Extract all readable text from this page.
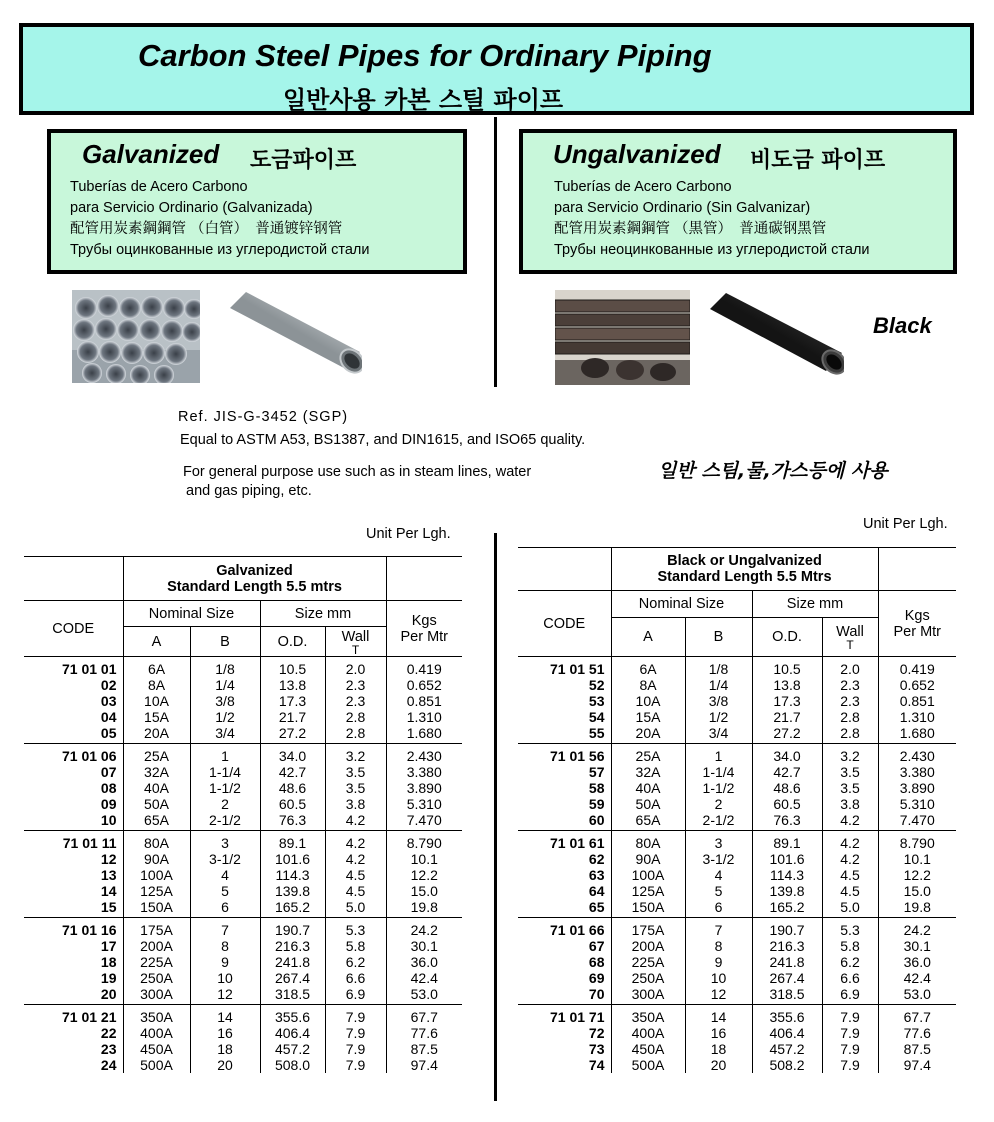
Carbon Steel Pipes for Ordinary Piping
일반사용 카본 스틸 파이프
Galvanized 도금파이프
Tuberías de Acero Carbono
para Servicio Ordinario (Galvanizada)
配管用炭素鋼鋼管 （白管）　普通镀锌钢管
Трубы оцинкованные из углеродистой стали
Ungalvanized 비도금 파이프
Tuberías de Acero Carbono
para Servicio Ordinario (Sin Galvanizar)
配管用炭素鋼鋼管 （黒管）　普通碳钢黑管
Трубы неоцинкованные из углеродистой стали
Black
Ref. JIS-G-3452 (SGP)
Equal to ASTM A53, BS1387, and DIN1615, and ISO65 quality.
For general purpose use such as in steam lines, water
and gas piping, etc.
일반 스팀,물,가스등에 사용
Unit Per Lgh.
Unit Per Lgh.

	Galvanized
Standard Length 5.5 mtrs				

CODE	Nominal Size		Size mm		Kgs
Per Mtr

	A	B	O.D.	Wall
T	

71 01 01	6A	1/8	10.5	2.0	0.419
02	8A	1/4	13.8	2.3	0.652
03	10A	3/8	17.3	2.3	0.851
04	15A	1/2	21.7	2.8	1.310
05	20A	3/4	27.2	2.8	1.680
71 01 06	25A	1	34.0	3.2	2.430
07	32A	1-1/4	42.7	3.5	3.380
08	40A	1-1/2	48.6	3.5	3.890
09	50A	2	60.5	3.8	5.310
10	65A	2-1/2	76.3	4.2	7.470
71 01 11	80A	3	89.1	4.2	8.790
12	90A	3-1/2	101.6	4.2	10.1
13	100A	4	114.3	4.5	12.2
14	125A	5	139.8	4.5	15.0
15	150A	6	165.2	5.0	19.8
71 01 16	175A	7	190.7	5.3	24.2
17	200A	8	216.3	5.8	30.1
18	225A	9	241.8	6.2	36.0
19	250A	10	267.4	6.6	42.4
20	300A	12	318.5	6.9	53.0
71 01 21	350A	14	355.6	7.9	67.7
22	400A	16	406.4	7.9	77.6
23	450A	18	457.2	7.9	87.5
24	500A	20	508.0	7.9	97.4

	Black or Ungalvanized
Standard Length 5.5 Mtrs				

CODE	Nominal Size		Size mm		Kgs
Per Mtr

	A	B	O.D.	Wall
T	

71 01 51	6A	1/8	10.5	2.0	0.419
52	8A	1/4	13.8	2.3	0.652
53	10A	3/8	17.3	2.3	0.851
54	15A	1/2	21.7	2.8	1.310
55	20A	3/4	27.2	2.8	1.680
71 01 56	25A	1	34.0	3.2	2.430
57	32A	1-1/4	42.7	3.5	3.380
58	40A	1-1/2	48.6	3.5	3.890
59	50A	2	60.5	3.8	5.310
60	65A	2-1/2	76.3	4.2	7.470
71 01 61	80A	3	89.1	4.2	8.790
62	90A	3-1/2	101.6	4.2	10.1
63	100A	4	114.3	4.5	12.2
64	125A	5	139.8	4.5	15.0
65	150A	6	165.2	5.0	19.8
71 01 66	175A	7	190.7	5.3	24.2
67	200A	8	216.3	5.8	30.1
68	225A	9	241.8	6.2	36.0
69	250A	10	267.4	6.6	42.4
70	300A	12	318.5	6.9	53.0
71 01 71	350A	14	355.6	7.9	67.7
72	400A	16	406.4	7.9	77.6
73	450A	18	457.2	7.9	87.5
74	500A	20	508.2	7.9	97.4
